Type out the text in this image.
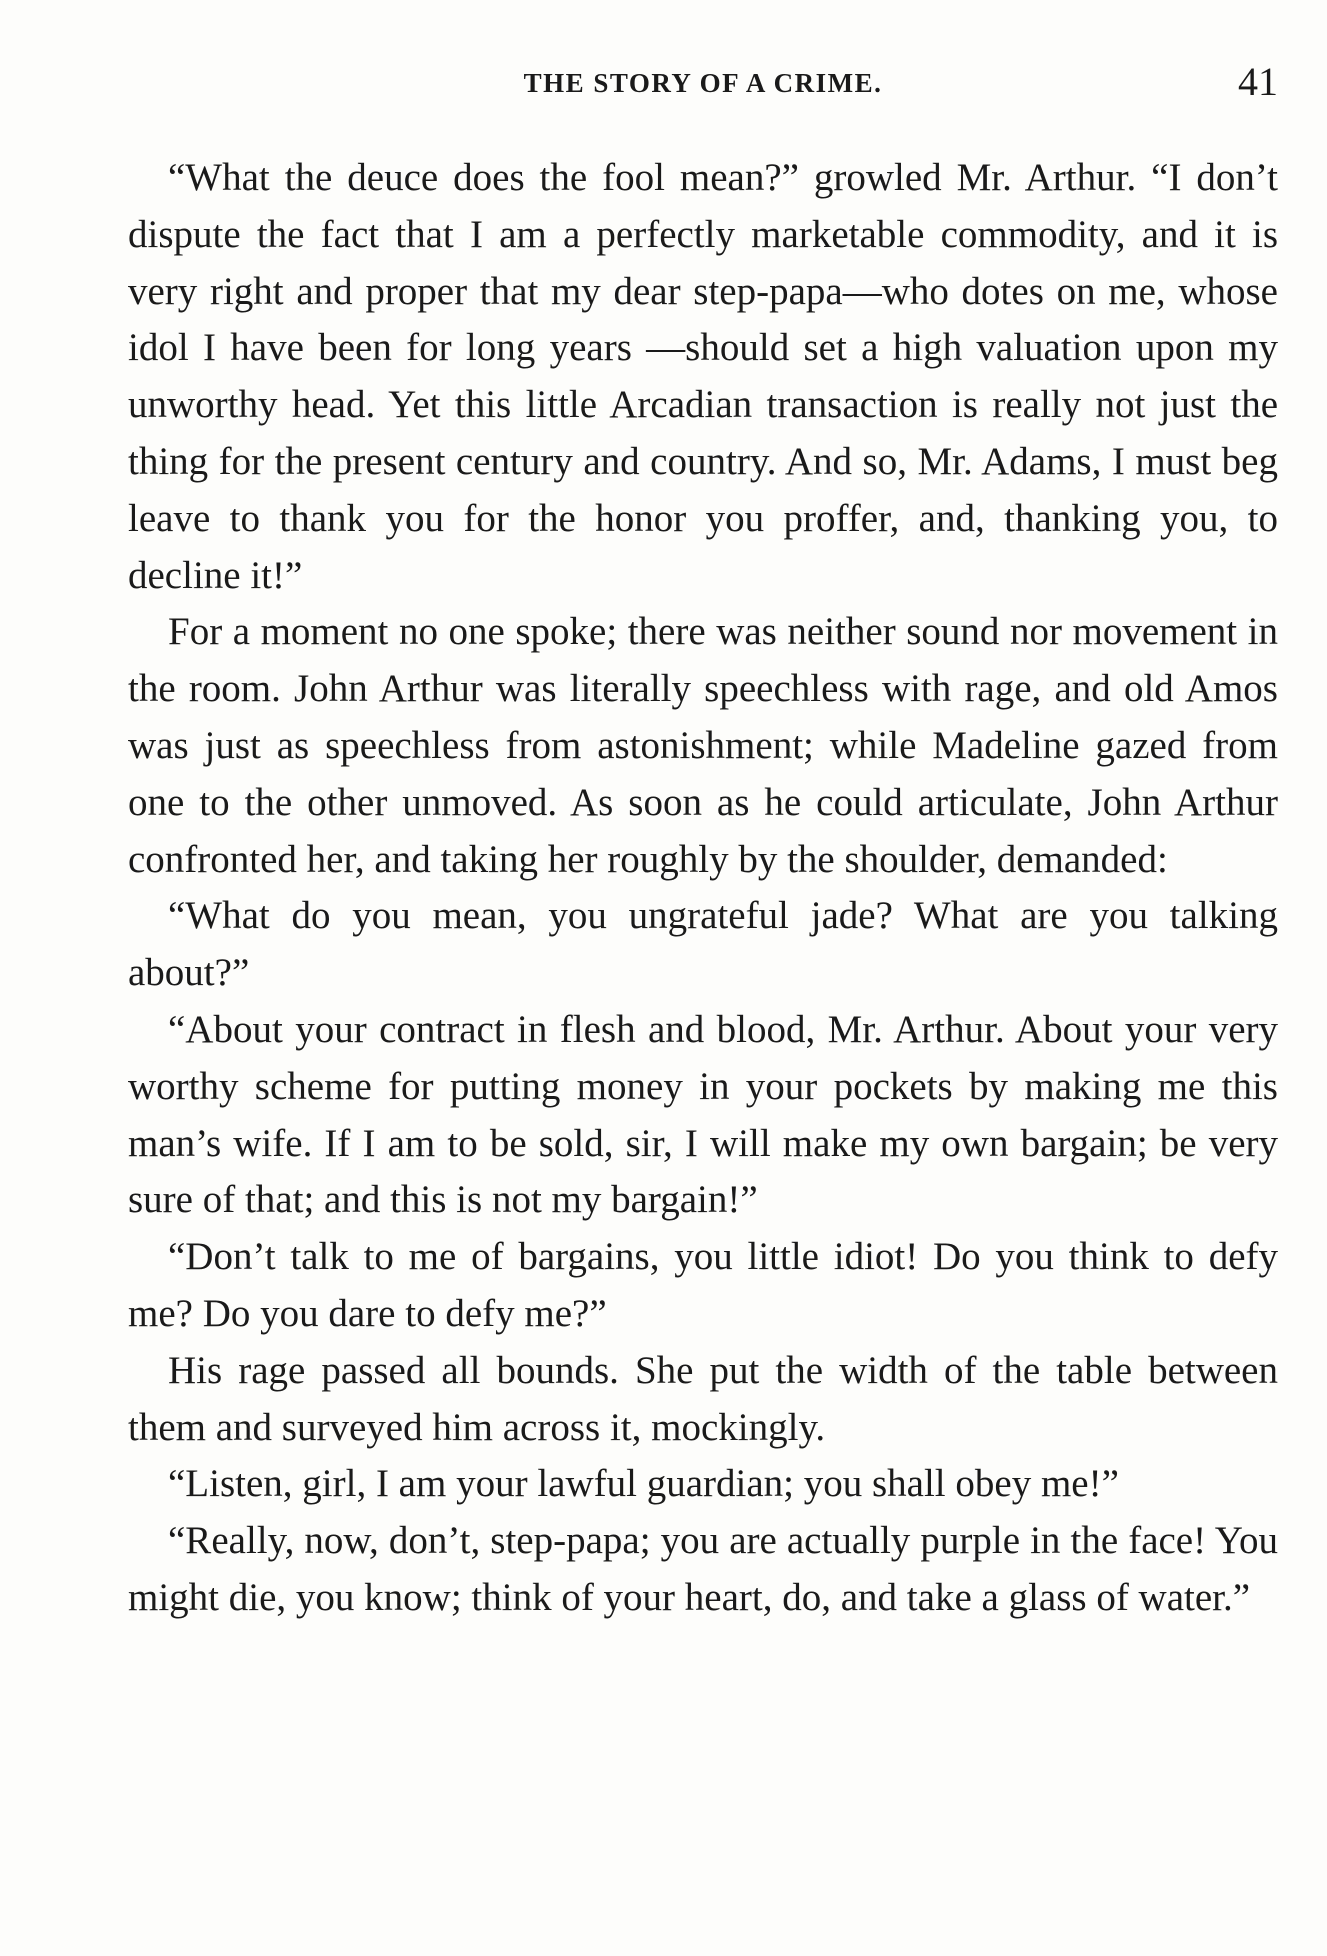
THE STORY OF A CRIME.	41

“What the deuce does the fool mean?” growled Mr. Arthur. “I don’t dispute the fact that I am a perfectly marketable commodity, and it is very right and proper that my dear step-papa—who dotes on me, whose idol I have been for long years —should set a high valuation upon my unworthy head. Yet this little Arcadian transaction is really not just the thing for the present century and country. And so, Mr. Adams, I must beg leave to thank you for the honor you proffer, and, thanking you, to decline it!”

For a moment no one spoke; there was neither sound nor movement in the room. John Arthur was literally speechless with rage, and old Amos was just as speechless from astonishment; while Madeline gazed from one to the other unmoved. As soon as he could articulate, John Arthur confronted her, and taking her roughly by the shoulder, demanded:

“What do you mean, you ungrateful jade? What are you talking about?”

“About your contract in flesh and blood, Mr. Arthur. About your very worthy scheme for putting money in your pockets by making me this man’s wife. If I am to be sold, sir, I will make my own bargain; be very sure of that; and this is not my bargain!”

“Don’t talk to me of bargains, you little idiot! Do you think to defy me? Do you dare to defy me?”

His rage passed all bounds. She put the width of the table between them and surveyed him across it, mockingly.

“Listen, girl, I am your lawful guardian; you shall obey me!”

“Really, now, don’t, step-papa; you are actually purple in the face! You might die, you know; think of your heart, do, and take a glass of water.”
